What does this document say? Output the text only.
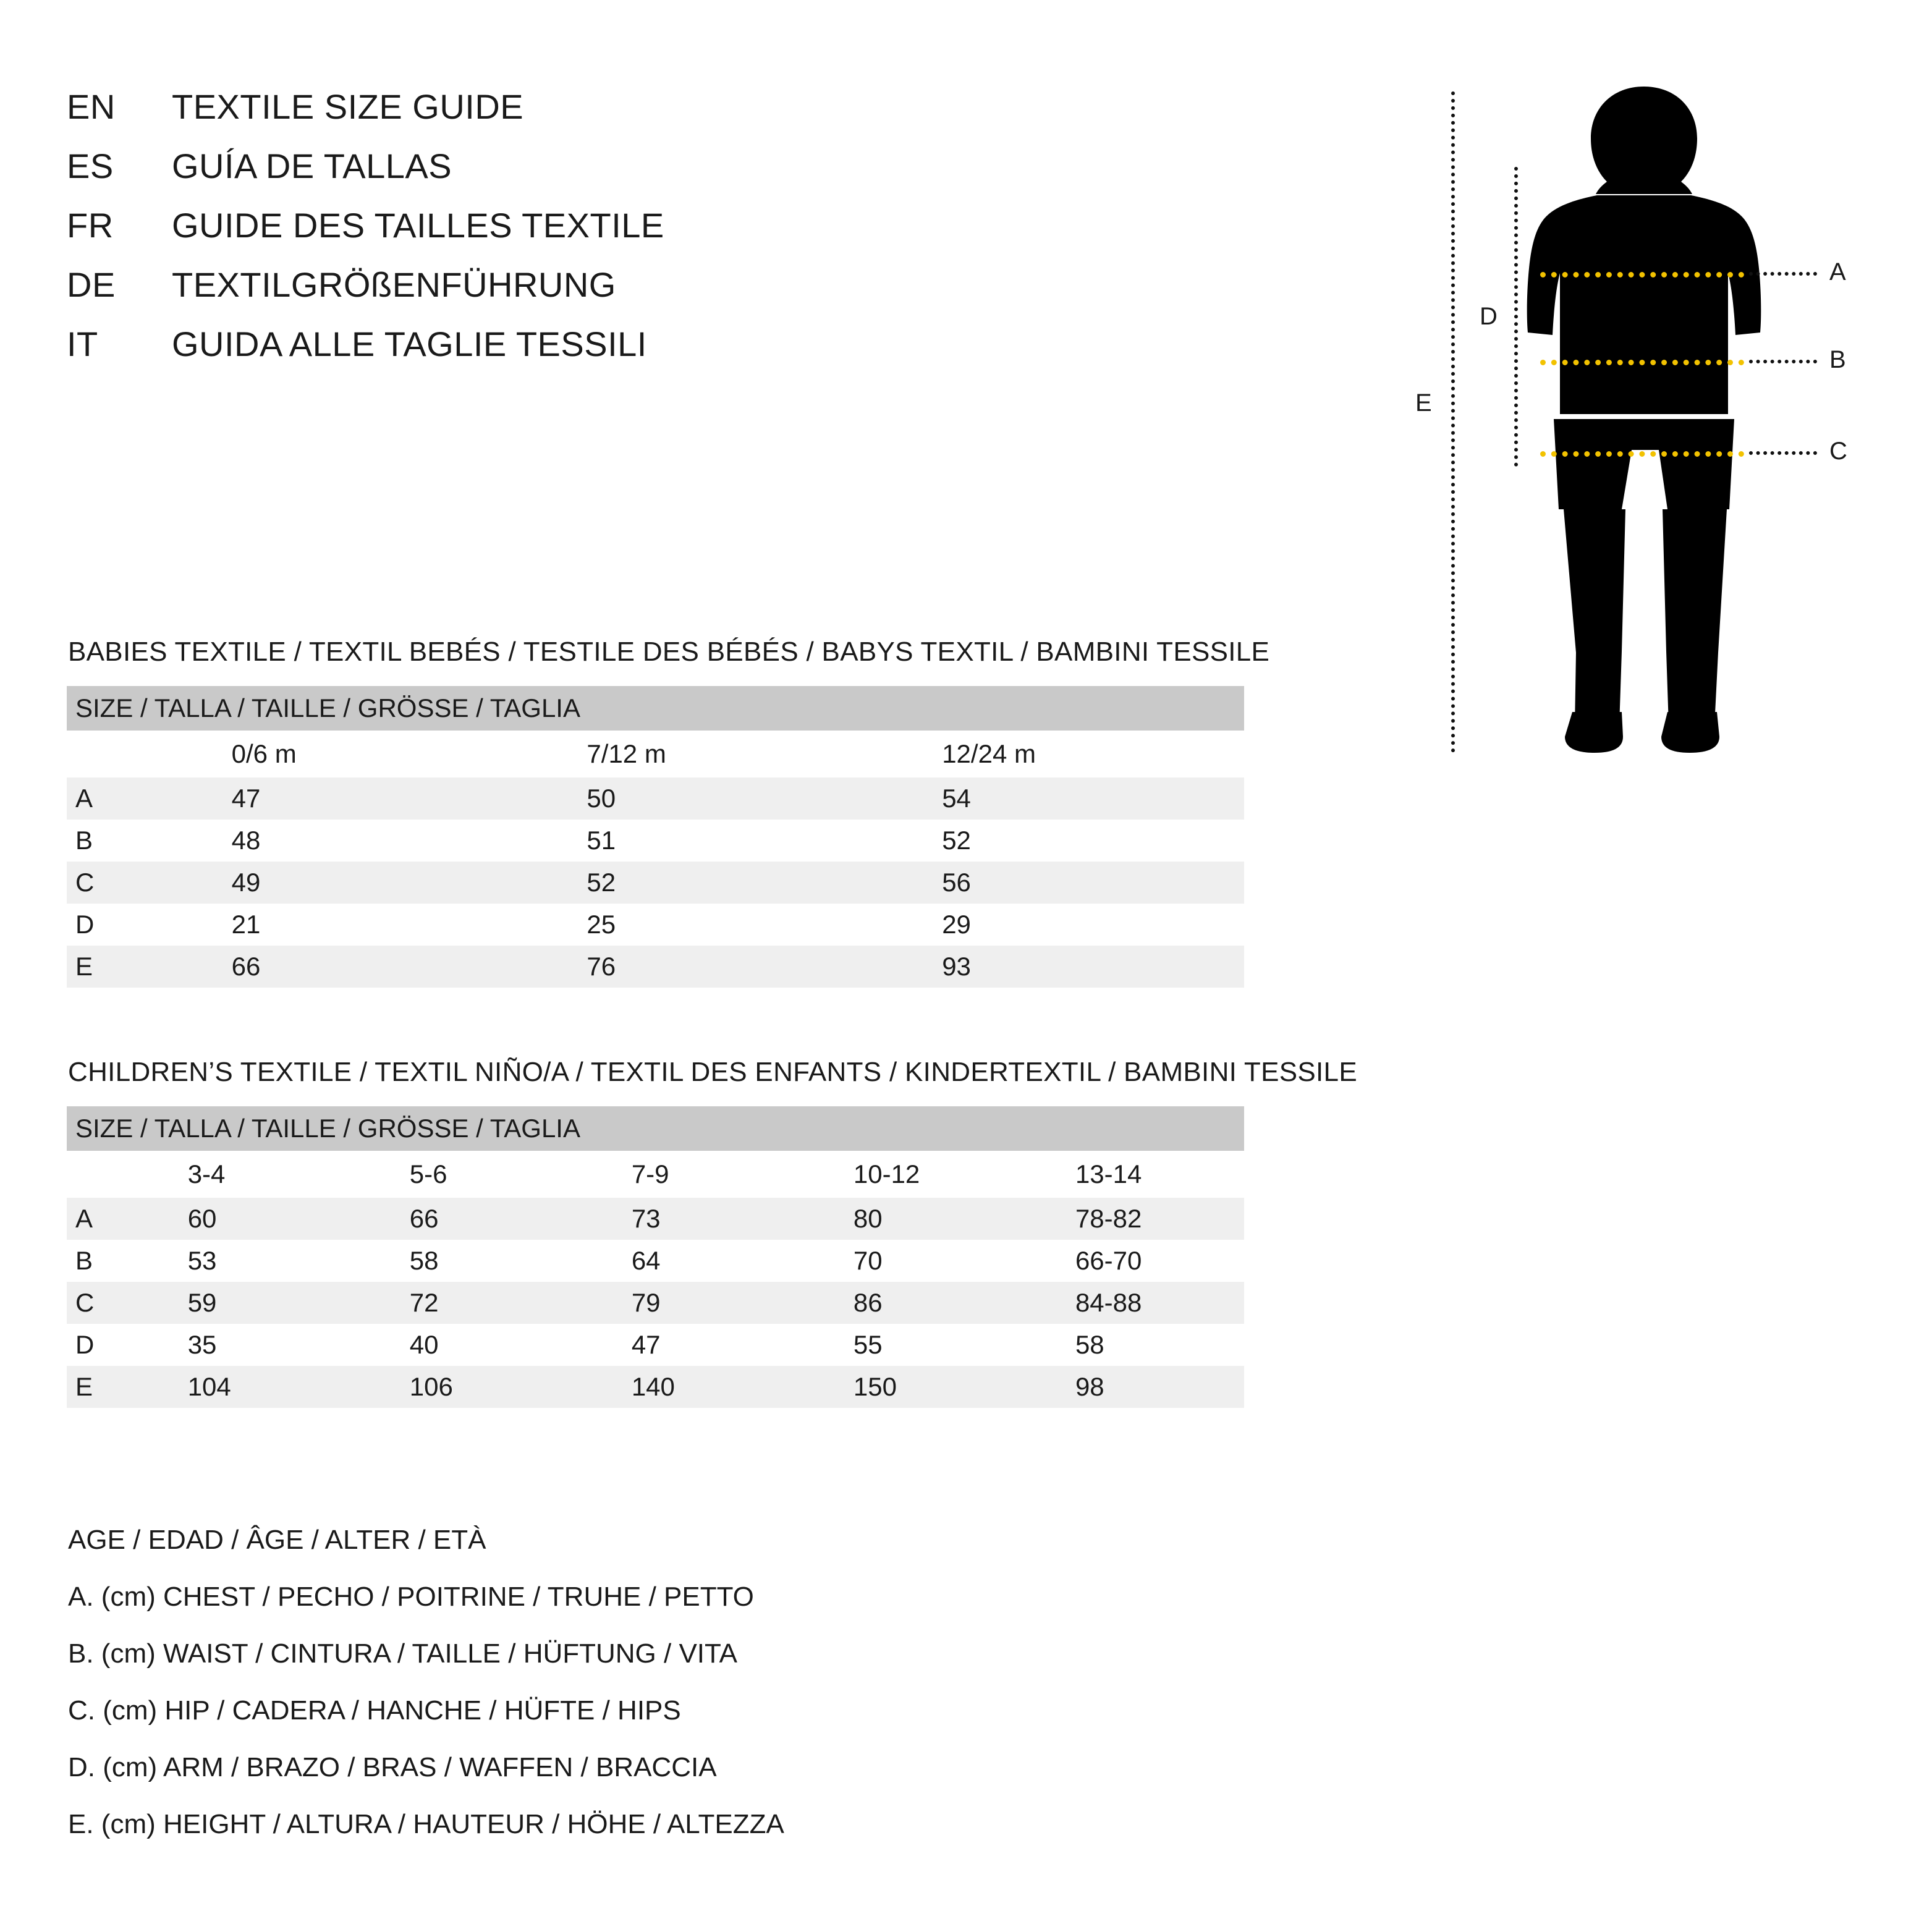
EN	TEXTILE SIZE GUIDE
ES	GUÍA DE TALLAS
FR	GUIDE DES TAILLES TEXTILE
DE	TEXTILGRÖßENFÜHRUNG
IT	GUIDA ALLE TAGLIE TESSILI
E
D
A
B
C
BABIES TEXTILE / TEXTIL BEBÉS / TESTILE DES BÉBÉS / BABYS TEXTIL / BAMBINI TESSILE
SIZE / TALLA / TAILLE / GRÖSSE / TAGLIA			
	0/6 m	7/12 m	12/24 m
A	47	50	54
B	48	51	52
C	49	52	56
D	21	25	29
E	66	76	93
CHILDREN’S TEXTILE / TEXTIL NIÑO/A / TEXTIL DES ENFANTS / KINDERTEXTIL / BAMBINI TESSILE
SIZE / TALLA / TAILLE / GRÖSSE / TAGLIA					
	3-4	5-6	7-9	10-12	13-14
A	60	66	73	80	78-82
B	53	58	64	70	66-70
C	59	72	79	86	84-88
D	35	40	47	55	58
E	104	106	140	150	98
AGE / EDAD / ÂGE / ALTER / ETÀ
A. (cm) CHEST / PECHO / POITRINE / TRUHE / PETTO
B. (cm) WAIST / CINTURA / TAILLE / HÜFTUNG / VITA
C. (cm) HIP / CADERA / HANCHE / HÜFTE / HIPS
D. (cm) ARM / BRAZO / BRAS / WAFFEN / BRACCIA
E. (cm) HEIGHT / ALTURA / HAUTEUR / HÖHE / ALTEZZA
